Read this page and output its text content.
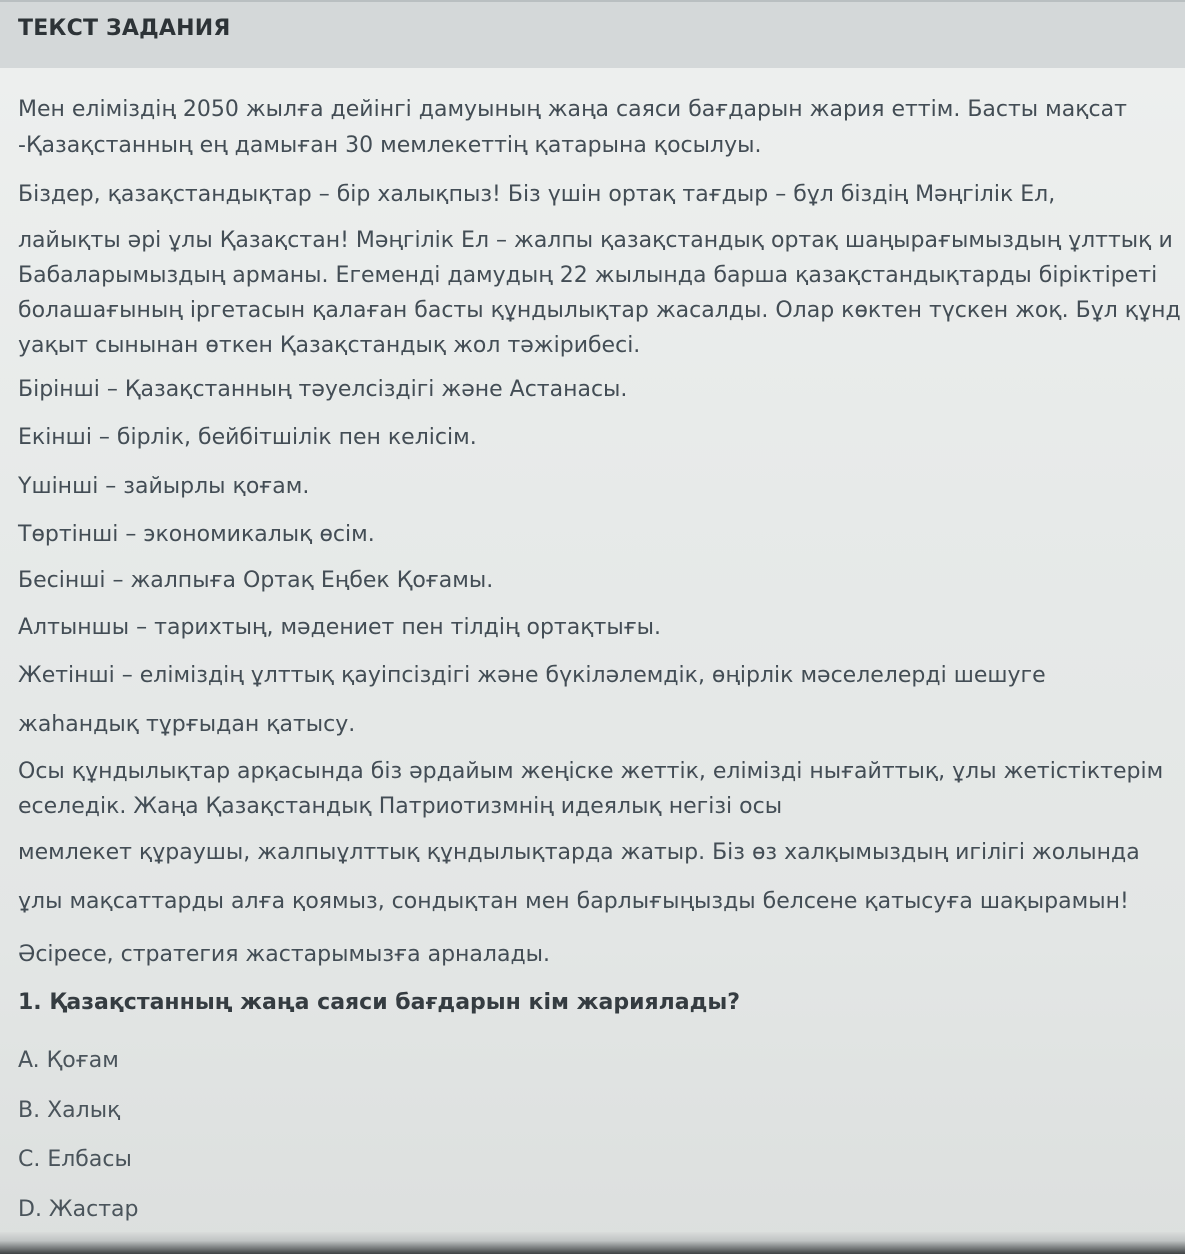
ТЕКСТ ЗАДАНИЯ
Мен еліміздің 2050 жылға дейінгі дамуының жаңа саяси бағдарын жария еттім. Басты мақсат
-Қазақстанның ең дамыған 30 мемлекеттің қатарына қосылуы.
Біздер, қазақстандықтар – бір халықпыз! Біз үшін ортақ тағдыр – бұл біздің Мәңгілік Ел,
лайықты әрі ұлы Қазақстан! Мәңгілік Ел – жалпы қазақстандық ортақ шаңырағымыздың ұлттық и
Бабаларымыздың арманы. Егеменді дамудың 22 жылында барша қазақстандықтарды біріктіреті
болашағының іргетасын қалаған басты құндылықтар жасалды. Олар көктен түскен жоқ. Бұл құнд
уақыт сынынан өткен Қазақстандық жол тәжірибесі.
Бірінші – Қазақстанның тәуелсіздігі және Астанасы.
Екінші – бірлік, бейбітшілік пен келісім.
Үшінші – зайырлы қоғам.
Төртінші – экономикалық өсім.
Бесінші – жалпыға Ортақ Еңбек Қоғамы.
Алтыншы – тарихтың, мәдениет пен тілдің ортақтығы.
Жетінші – еліміздің ұлттық қауіпсіздігі және бүкіләлемдік, өңірлік мәселелерді шешуге
жаһандық тұрғыдан қатысу.
Осы құндылықтар арқасында біз әрдайым жеңіске жеттік, елімізді нығайттық, ұлы жетістіктерім
еселедік. Жаңа Қазақстандық Патриотизмнің идеялық негізі осы
мемлекет құраушы, жалпыұлттық құндылықтарда жатыр. Біз өз халқымыздың игілігі жолында
ұлы мақсаттарды алға қоямыз, сондықтан мен барлығыңызды белсене қатысуға шақырамын!
Әсіресе, стратегия жастарымызға арналады.
1. Қазақстанның жаңа саяси бағдарын кім жариялады?
A. Қоғам
B. Халық
C. Елбасы
D. Жастар
